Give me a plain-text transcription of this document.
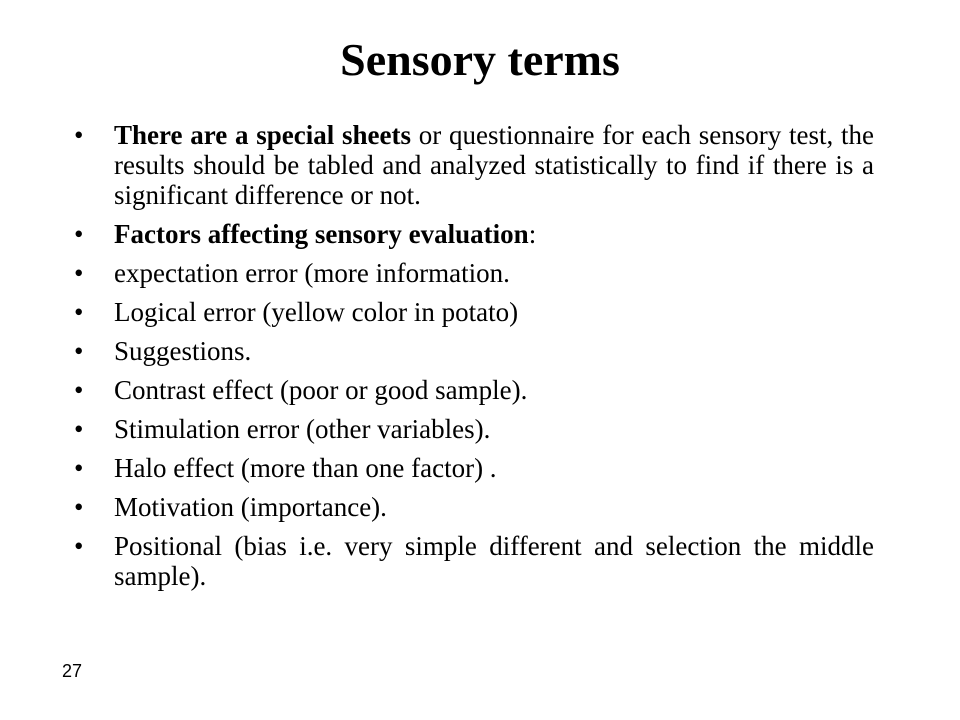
Sensory terms
•	There are a special sheets or questionnaire for each sensory test, the results should be tabled and analyzed statistically to find if there is a significant difference or not.
•	Factors affecting sensory evaluation:
•	expectation error (more information.
•	Logical error (yellow color in potato)
•	Suggestions.
•	Contrast effect (poor or good sample).
•	Stimulation error (other variables).
•	Halo effect (more than one factor) .
•	Motivation (importance).
•	Positional (bias i.e. very simple different and selection the middle sample).
27
